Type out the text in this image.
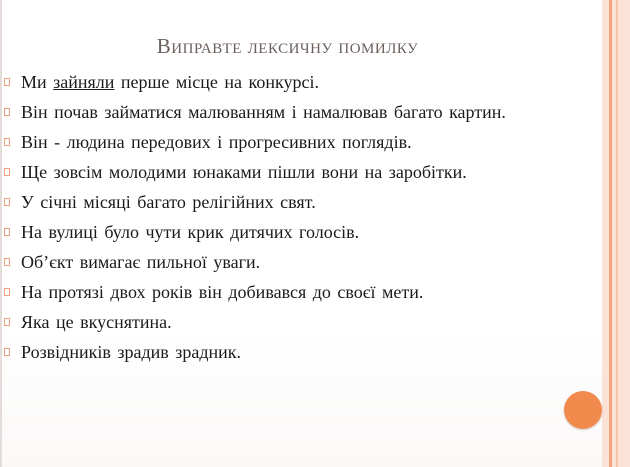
Виправте лексичну помилку
Ми зайняли перше місце на конкурсі.
Він почав займатися малюванням і намалював багато картин.
Він - людина передових і прогресивних поглядів.
Ще зовсім молодими юнаками пішли вони на заробітки.
У січні місяці багато релігійних свят.
На вулиці було чути крик дитячих голосів.
Об’єкт вимагає пильної уваги.
На протязі двох років він добивався до своєї мети.
Яка це вкуснятина.
Розвідників зрадив зрадник.
